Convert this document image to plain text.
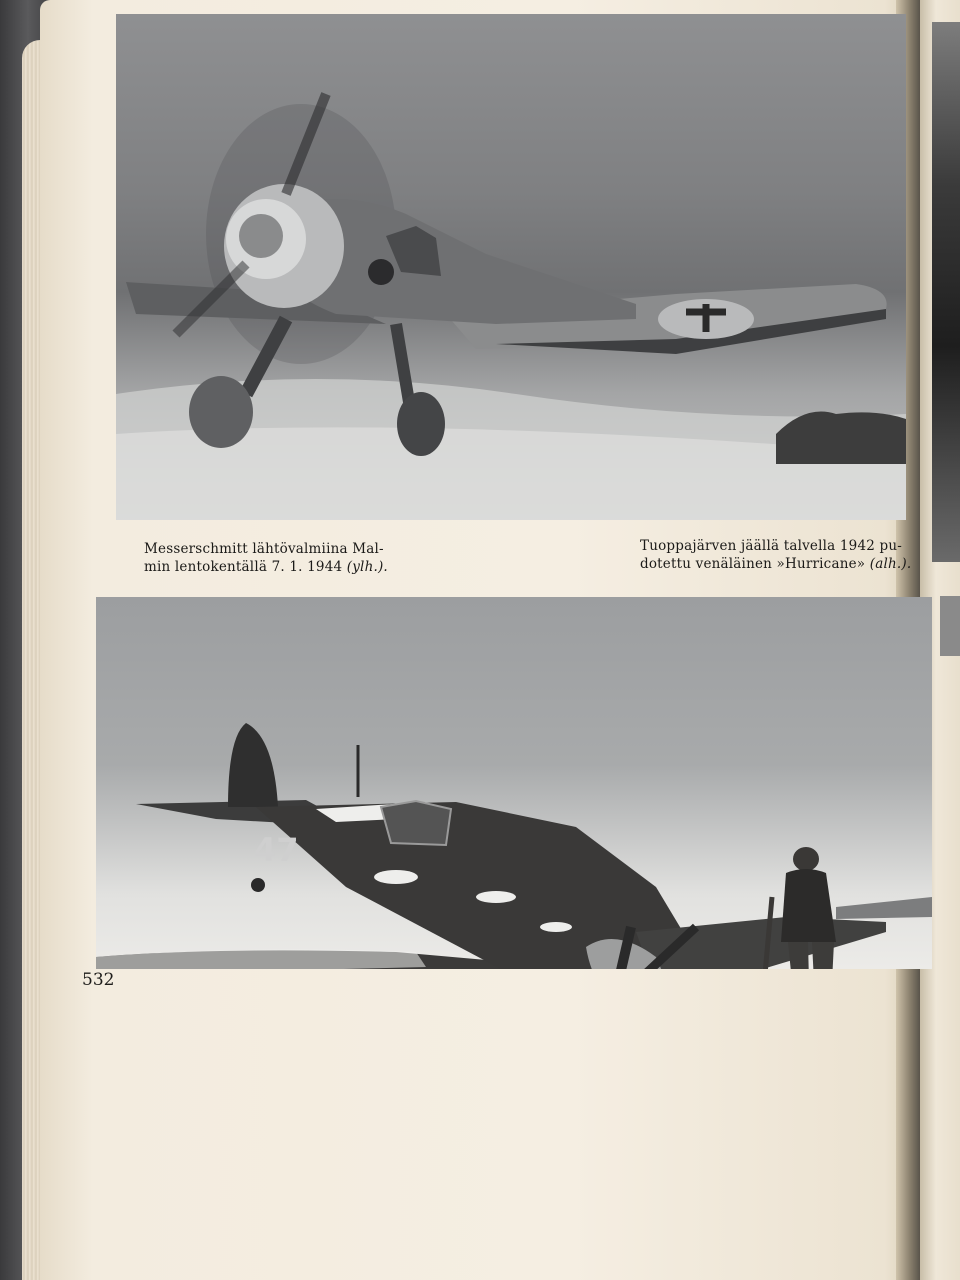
Messerschmitt lähtövalmiina Mal-
min lentokentällä 7. 1. 1944 (ylh.).
Tuoppajärven jäällä talvella 1942 pu-
dotettu venäläinen »Hurricane» (alh.).
47
532
